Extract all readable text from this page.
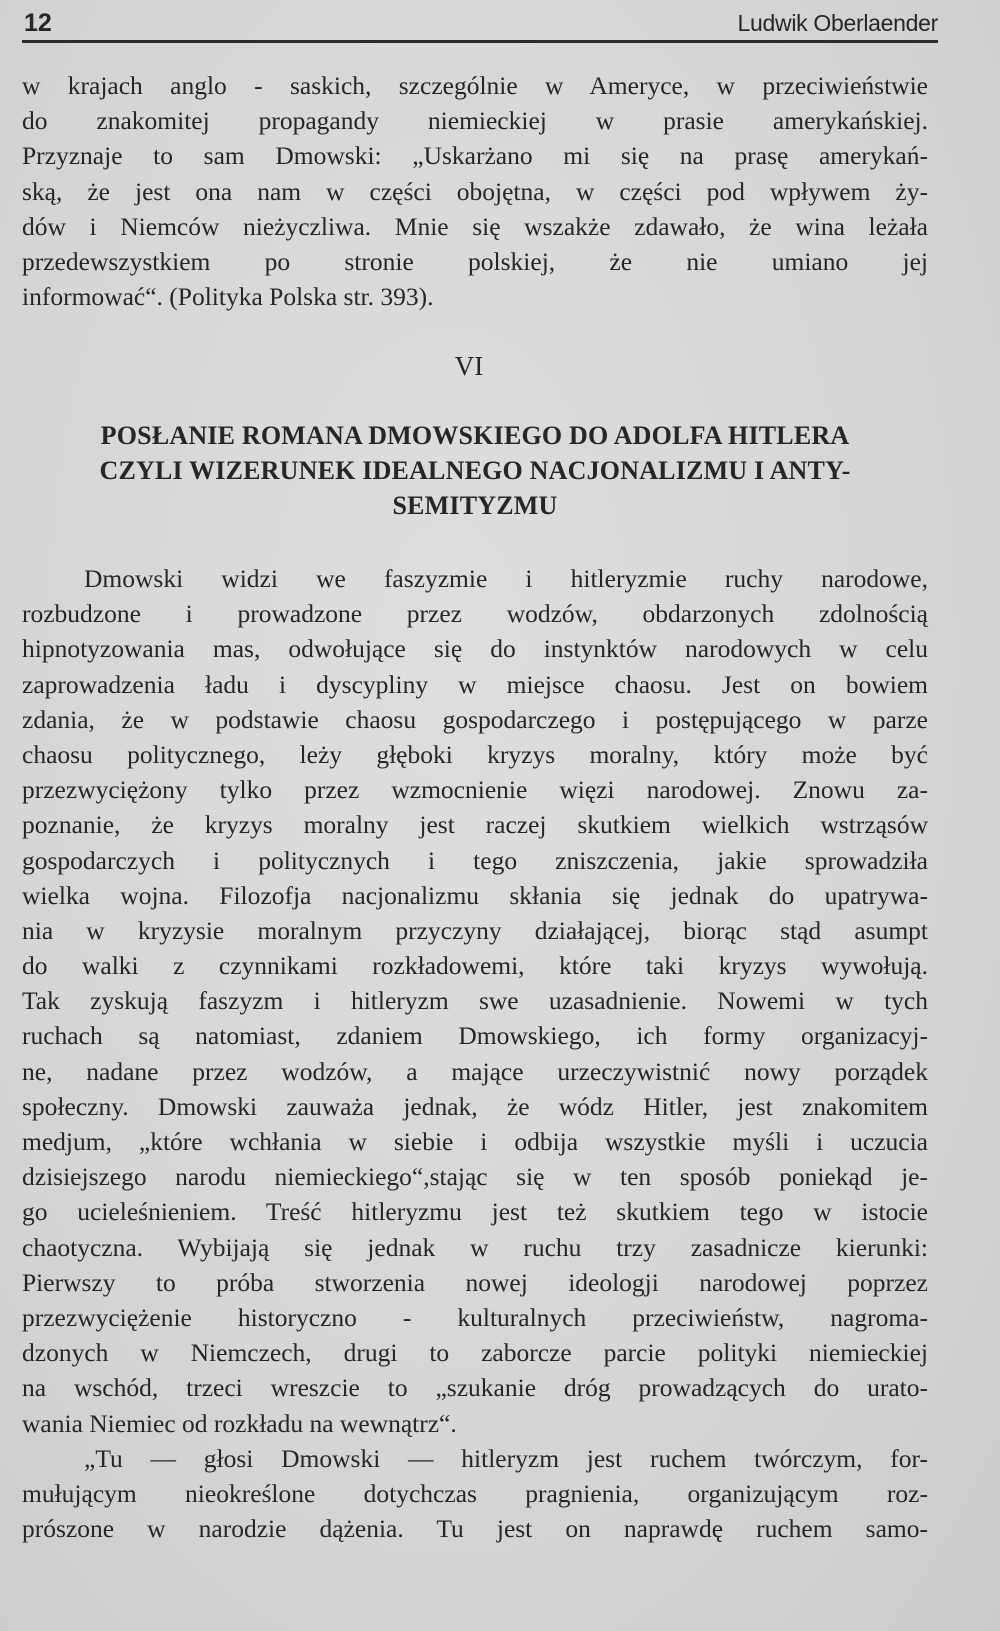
12	Ludwik Oberlaender
w krajach anglo - saskich, szczególnie w Ameryce, w przeciwieństwie
do znakomitej propagandy niemieckiej w prasie amerykańskiej.
Przyznaje to sam Dmowski: „Uskarżano mi się na prasę amerykań-
ską, że jest ona nam w części obojętna, w części pod wpływem ży-
dów i Niemców nieżyczliwa. Mnie się wszakże zdawało, że wina leżała
przedewszystkiem po stronie polskiej, że nie umiano jej
informować“. (Polityka Polska str. 393).
VI
POSŁANIE ROMANA DMOWSKIEGO DO ADOLFA HITLERA
CZYLI WIZERUNEK IDEALNEGO NACJONALIZMU I ANTY-
SEMITYZMU
Dmowski widzi we faszyzmie i hitleryzmie ruchy narodowe,
rozbudzone i prowadzone przez wodzów, obdarzonych zdolnością
hipnotyzowania mas, odwołujące się do instynktów narodowych w celu
zaprowadzenia ładu i dyscypliny w miejsce chaosu. Jest on bowiem
zdania, że w podstawie chaosu gospodarczego i postępującego w parze
chaosu politycznego, leży głęboki kryzys moralny, który może być
przezwyciężony tylko przez wzmocnienie więzi narodowej. Znowu za-
poznanie, że kryzys moralny jest raczej skutkiem wielkich wstrząsów
gospodarczych i politycznych i tego zniszczenia, jakie sprowadziła
wielka wojna. Filozofja nacjonalizmu skłania się jednak do upatrywa-
nia w kryzysie moralnym przyczyny działającej, biorąc stąd asumpt
do walki z czynnikami rozkładowemi, które taki kryzys wywołują.
Tak zyskują faszyzm i hitleryzm swe uzasadnienie. Nowemi w tych
ruchach są natomiast, zdaniem Dmowskiego, ich formy organizacyj-
ne, nadane przez wodzów, a mające urzeczywistnić nowy porządek
społeczny. Dmowski zauważa jednak, że wódz Hitler, jest znakomitem
medjum, „które wchłania w siebie i odbija wszystkie myśli i uczucia
dzisiejszego narodu niemieckiego“,stając się w ten sposób poniekąd je-
go ucieleśnieniem. Treść hitleryzmu jest też skutkiem tego w istocie
chaotyczna. Wybijają się jednak w ruchu trzy zasadnicze kierunki:
Pierwszy to próba stworzenia nowej ideologji narodowej poprzez
przezwyciężenie historyczno - kulturalnych przeciwieństw, nagroma-
dzonych w Niemczech, drugi to zaborcze parcie polityki niemieckiej
na wschód, trzeci wreszcie to „szukanie dróg prowadzących do urato-
wania Niemiec od rozkładu na wewnątrz“.
„Tu — głosi Dmowski — hitleryzm jest ruchem twórczym, for-
mułującym nieokreślone dotychczas pragnienia, organizującym roz-
prószone w narodzie dążenia. Tu jest on naprawdę ruchem samo-
